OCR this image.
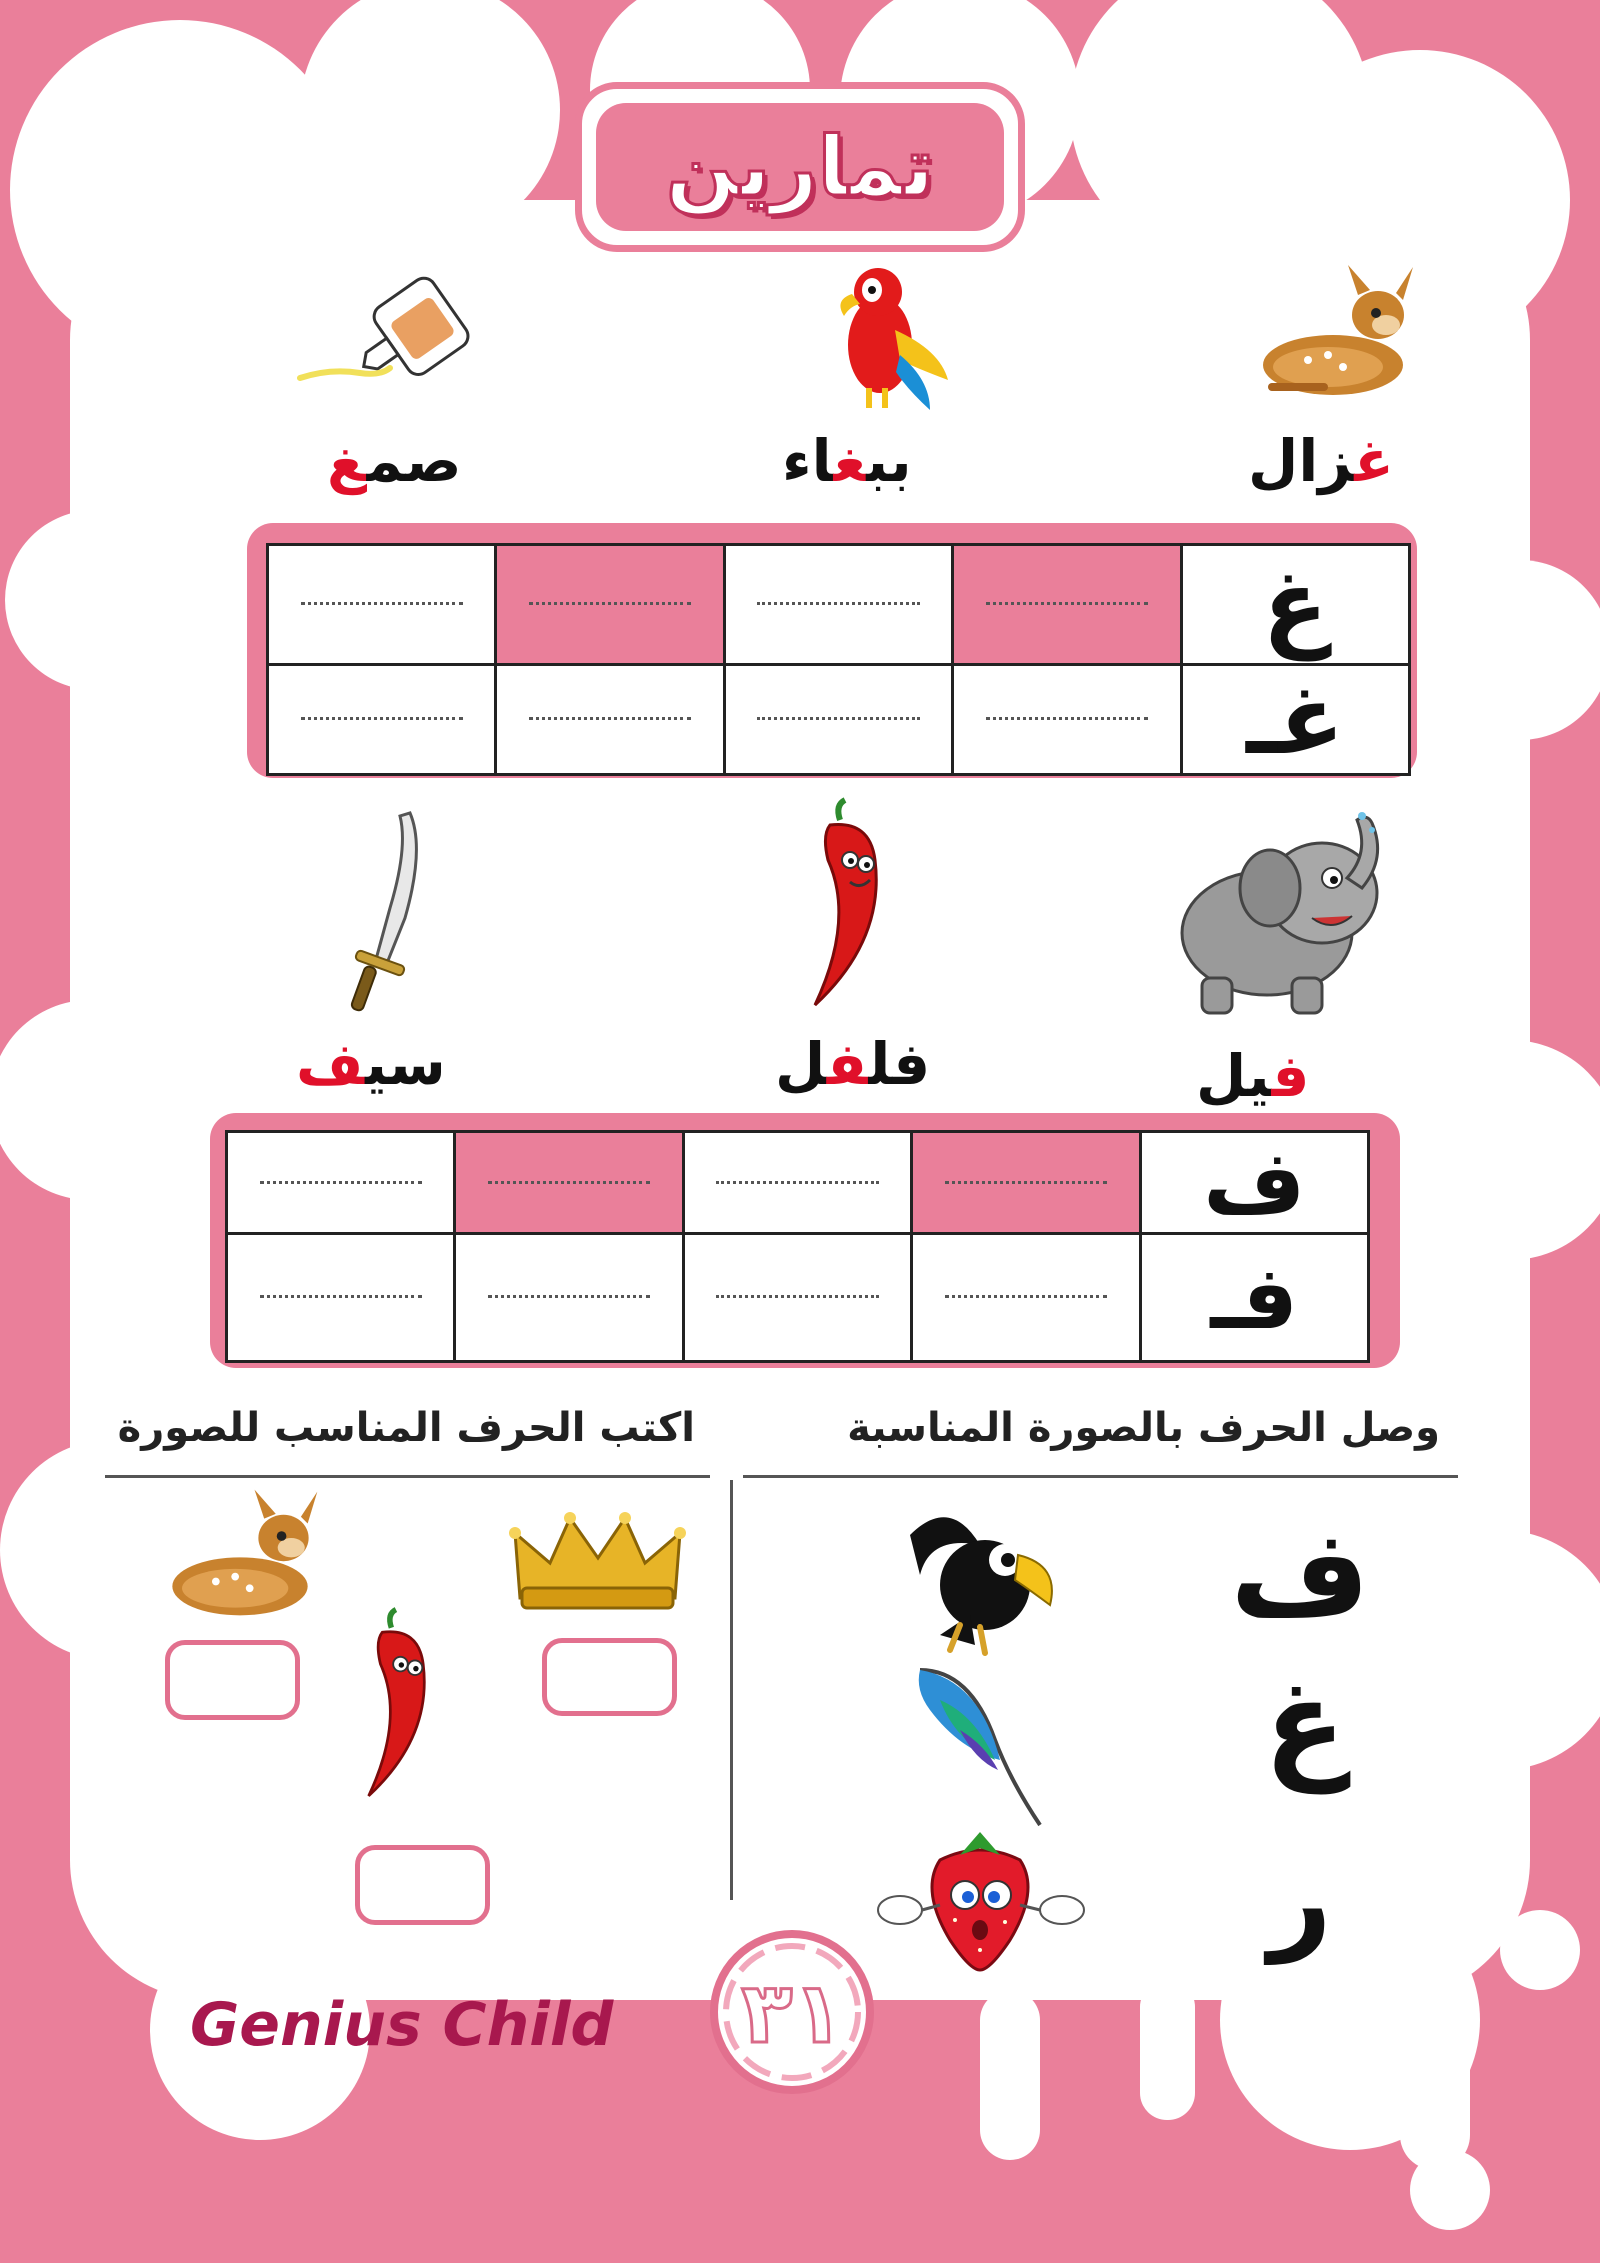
تمارين
غزال
ببغاء
صمغ

	غ

	غـ
فيل
فلفل
سيف

	ف

	فـ
وصل الحرف بالصورة المناسبة
اكتب الحرف المناسب للصورة
ف
غ
ر
Genius Child	٣١
